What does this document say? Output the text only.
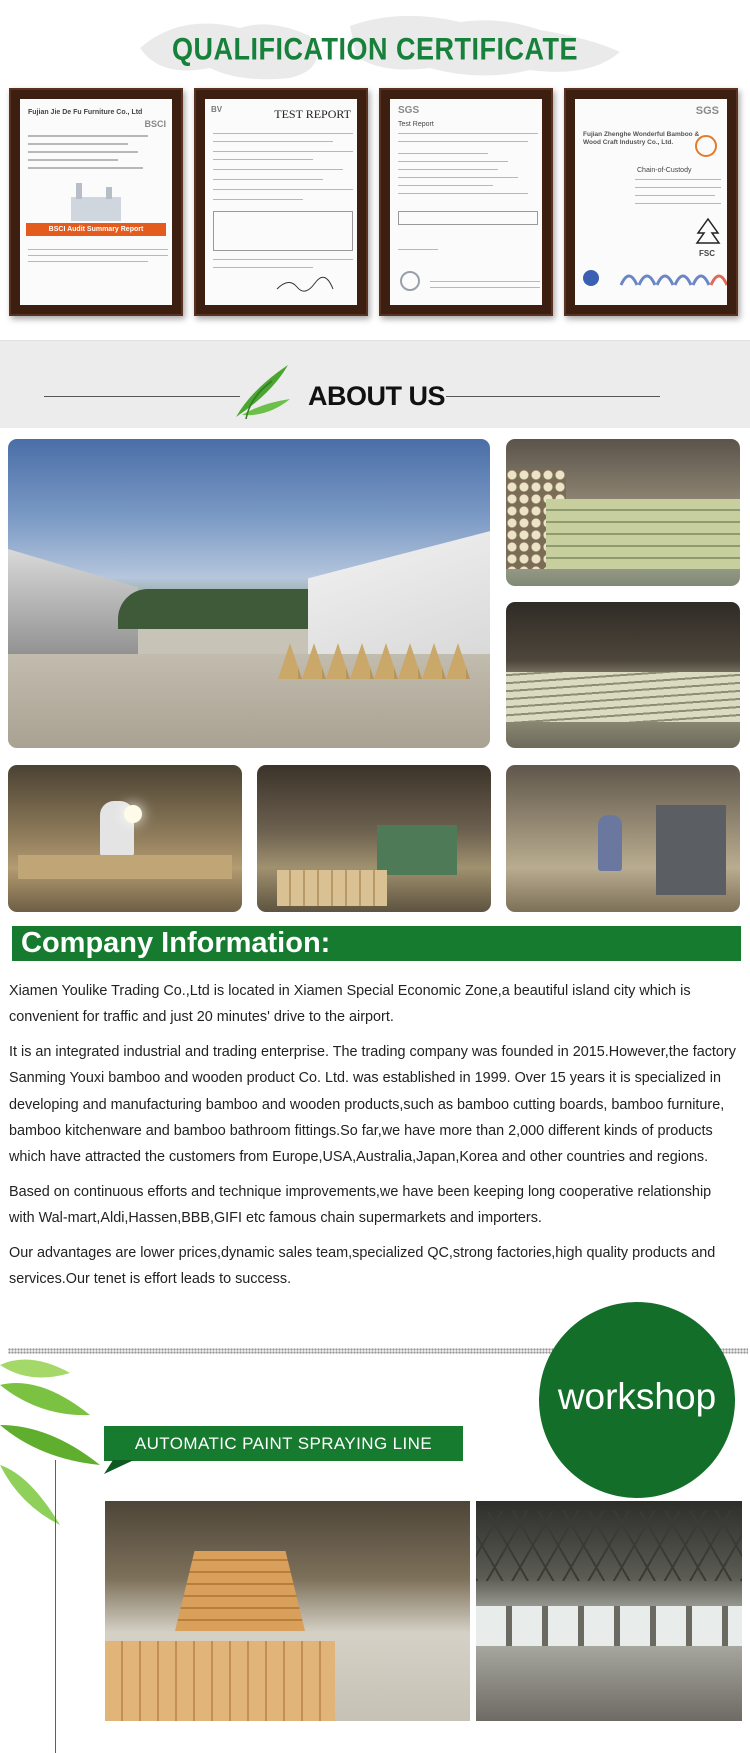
QUALIFICATION CERTIFICATE
Fujian Jie De Fu Furniture Co., Ltd
BSCI
BSCI Audit Summary Report
BV	TEST REPORT	SGS
Test Report
SGS
Fujian Zhenghe Wonderful Bamboo & Wood Craft Industry Co., Ltd.
Chain-of-Custody
FSC
ABOUT US
Company Information:

Xiamen Youlike Trading Co.,Ltd is located in Xiamen Special Economic Zone,a beautiful island city which is convenient for traffic and just 20 minutes' drive to the airport.

It is an integrated industrial and trading enterprise. The trading company was founded in 2015.However,the factory Sanming Youxi bamboo and wooden product Co. Ltd. was established in 1999. Over 15 years it is specialized in developing and manufacturing bamboo and wooden products,such as bamboo cutting boards, bamboo furniture, bamboo kitchenware and bamboo bathroom fittings.So far,we have more than 2,000 different kinds of products which have attracted the customers from Europe,USA,Australia,Japan,Korea and other countries and regions.

Based on continuous efforts and technique improvements,we have been keeping long cooperative relationship with Wal-mart,Aldi,Hassen,BBB,GIFI etc famous chain supermarkets and importers.

Our advantages are lower prices,dynamic sales team,specialized QC,strong factories,high quality products and services.Our tenet is effort leads to success.

workshop
AUTOMATIC PAINT SPRAYING LINE
